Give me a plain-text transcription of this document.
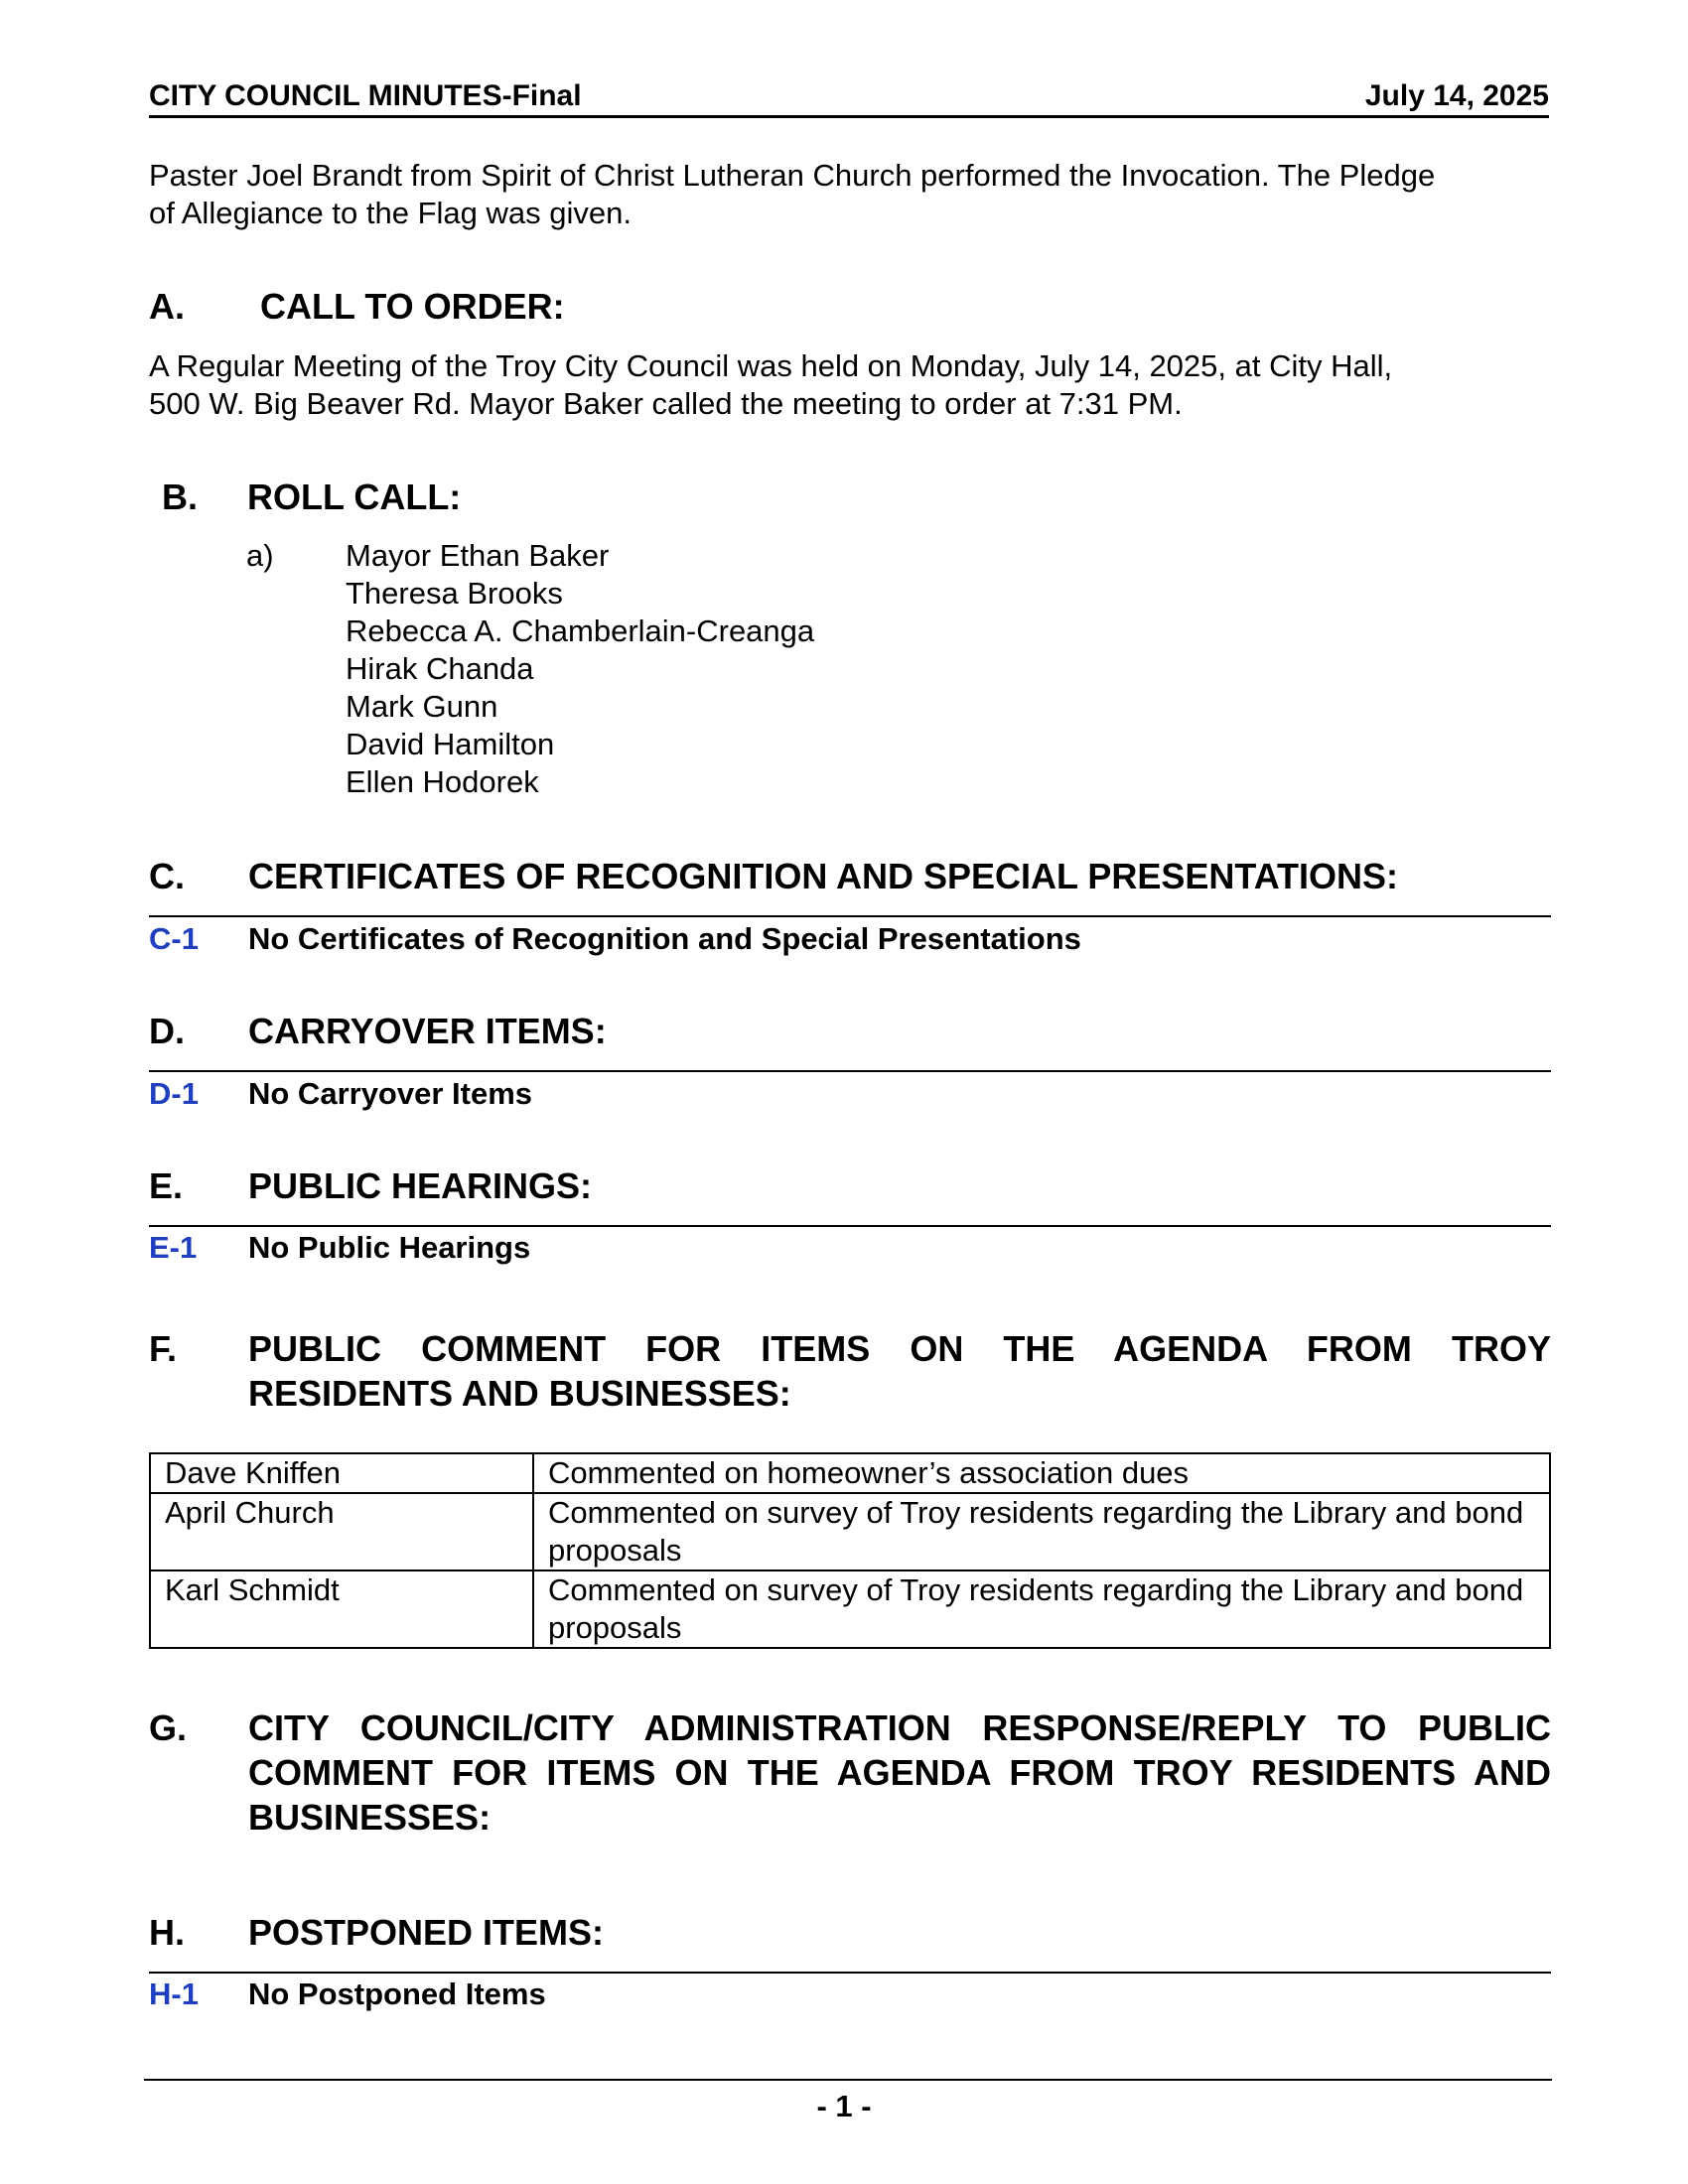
CITY COUNCIL MINUTES-Final	July 14, 2025
Paster Joel Brandt from Spirit of Christ Lutheran Church performed the Invocation. The Pledge
of Allegiance to the Flag was given.
A. CALL TO ORDER:
A Regular Meeting of the Troy City Council was held on Monday, July 14, 2025, at City Hall,
500 W. Big Beaver Rd. Mayor Baker called the meeting to order at 7:31 PM.
B. ROLL CALL:
a) Mayor Ethan Baker
Theresa Brooks
Rebecca A. Chamberlain-Creanga
Hirak Chanda
Mark Gunn
David Hamilton
Ellen Hodorek
C. CERTIFICATES OF RECOGNITION AND SPECIAL PRESENTATIONS:
C-1 No Certificates of Recognition and Special Presentations
D. CARRYOVER ITEMS:
D-1 No Carryover Items
E. PUBLIC HEARINGS:
E-1 No Public Hearings
F. PUBLIC COMMENT FOR ITEMS ON THE AGENDA FROM TROY
RESIDENTS AND BUSINESSES:
Dave Kniffen	Commented on homeowner’s association dues
April Church	Commented on survey of Troy residents regarding the Library and bond proposals
Karl Schmidt	Commented on survey of Troy residents regarding the Library and bond proposals
G. CITY COUNCIL/CITY ADMINISTRATION RESPONSE/REPLY TO PUBLIC
COMMENT FOR ITEMS ON THE AGENDA FROM TROY RESIDENTS AND
BUSINESSES:
H. POSTPONED ITEMS:
H-1 No Postponed Items
- 1 -
